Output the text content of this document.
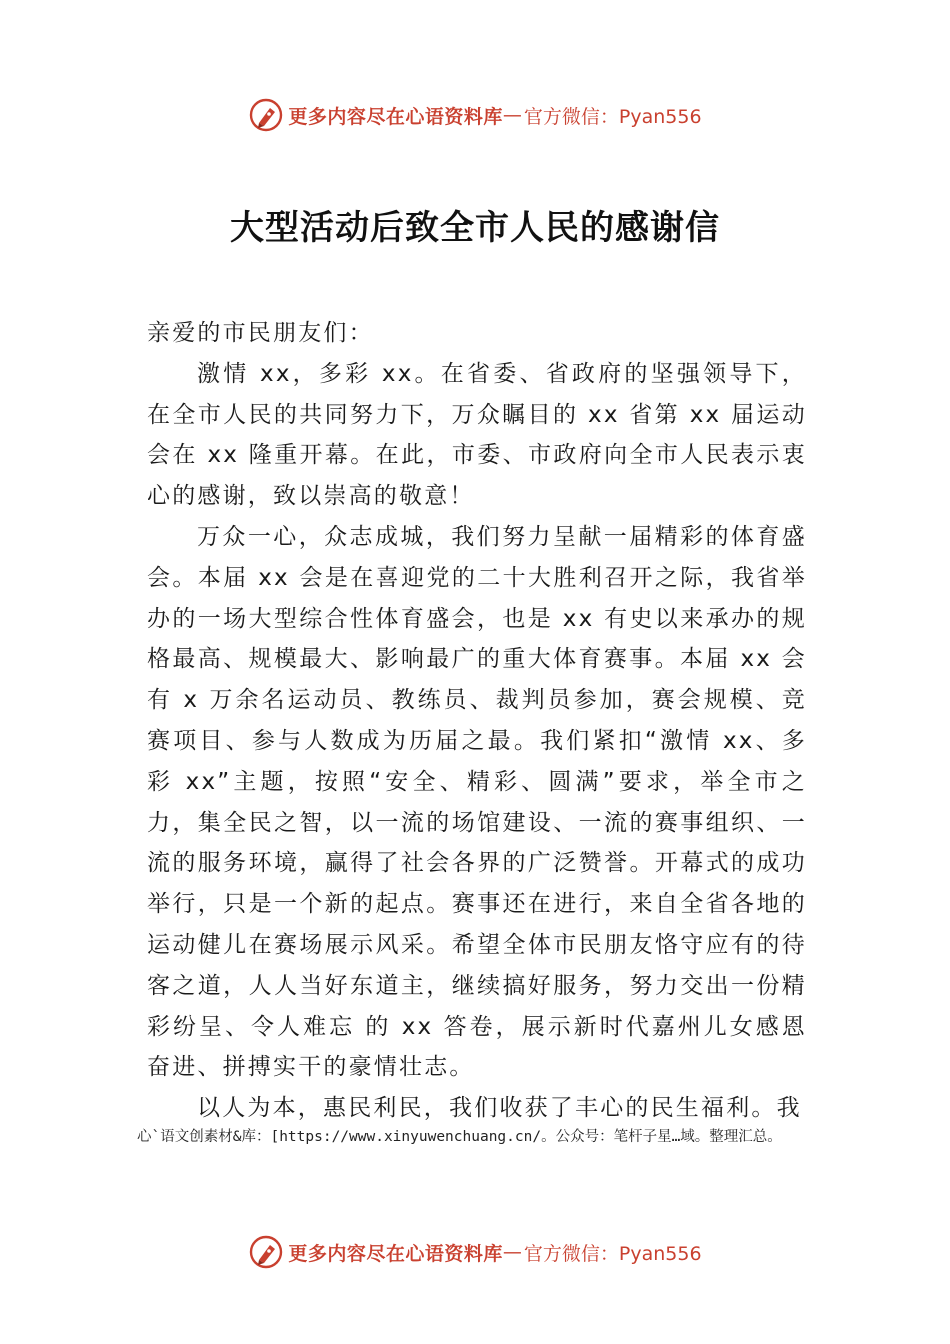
更多内容尽在心语资料库 — 官方微信：Pyan556
大型活动后致全市人民的感谢信

亲爱的市民朋友们：

激情 xx，多彩 xx。在省委、省政府的坚强领导下，在全市人民的共同努力下，万众瞩目的 xx 省第 xx 届运动会在 xx 隆重开幕。在此，市委、市政府向全市人民表示衷心的感谢，致以崇高的敬意！

万众一心，众志成城，我们努力呈献一届精彩的体育盛会。本届 xx 会是在喜迎党的二十大胜利召开之际，我省举办的一场大型综合性体育盛会，也是 xx 有史以来承办的规格最高、规模最大、影响最广的重大体育赛事。本届 xx 会有 x 万余名运动员、教练员、裁判员参加，赛会规模、竞赛项目、参与人数成为历届之最。我们紧扣“激情 xx、多彩 xx”主题，按照“安全、精彩、圆满”要求，举全市之力，集全民之智，以一流的场馆建设、一流的赛事组织、一流的服务环境，赢得了社会各界的广泛赞誉。开幕式的成功举行，只是一个新的起点。赛事还在进行，来自全省各地的运动健儿在赛场展示风采。希望全体市民朋友恪守应有的待客之道，人人当好东道主，继续搞好服务，努力交出一份精彩纷呈、令人难忘 的 xx 答卷，展示新时代嘉州儿女感恩奋进、拼搏实干的豪情壮志。

以人为本，惠民利民，我们收获了丰心的民生福利。我

心`语文创素材&库：[https://www.xinyuwenchuang.cn/。公众号：笔杆子星…域。整理汇总。
更多内容尽在心语资料库 — 官方微信：Pyan556
